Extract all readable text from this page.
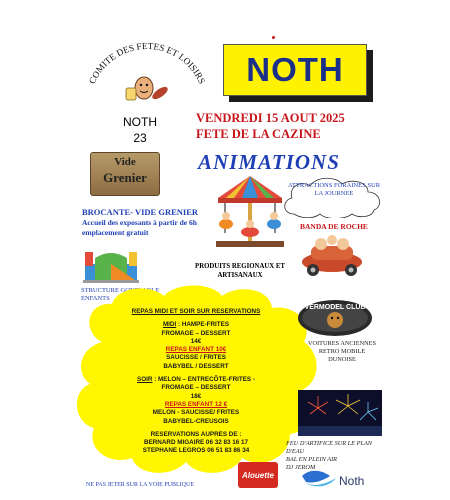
COMITE DES FETES ET LOISIRS
NOTH
23
NOTH
VENDREDI 15 AOUT 2025
FETE DE LA CAZINE
ANIMATIONS
Vide
Grenier
BROCANTE- VIDE GRENIER
Accueil des exposants à partir de 6h emplacement gratuit
ATTRACTIONS FORAINES SUR LA JOURNEE
BANDA DE ROCHE
PRODUITS REGIONAUX ET ARTISANAUX
STRUCTURE GONFLABLE ENFANTS
REPAS MIDI ET SOIR SUR RESERVATIONS
MIDI : HAMPE-FRITES
FROMAGE – DESSERT
14€
REPAS ENFANT 10€
SAUCISSE / FRITES
BABYBEL / DESSERT
SOIR : MELON – ENTRECÔTE-FRITES -
FROMAGE – DESSERT
18€
REPAS ENFANT 12 €
MELON - SAUCISSE/ FRITES
BABYBEL-CREUSOIS
RESERVATIONS AUPRES DE :
BERNARD MIGAIRE 06 32 83 16 17
STEPHANE LEGROS 06 51 83 86 34
VERMODEL CLUB
VOITURES ANCIENNES
RETRO MOBILE
DUNOISE
FEU D'ARTIFICE SUR LE PLAN
D'EAU
BAL EN PLEIN AIR
DJ JEROM
NE PAS JETER SUR LA VOIE PUBLIQUE
Alouette	Noth
